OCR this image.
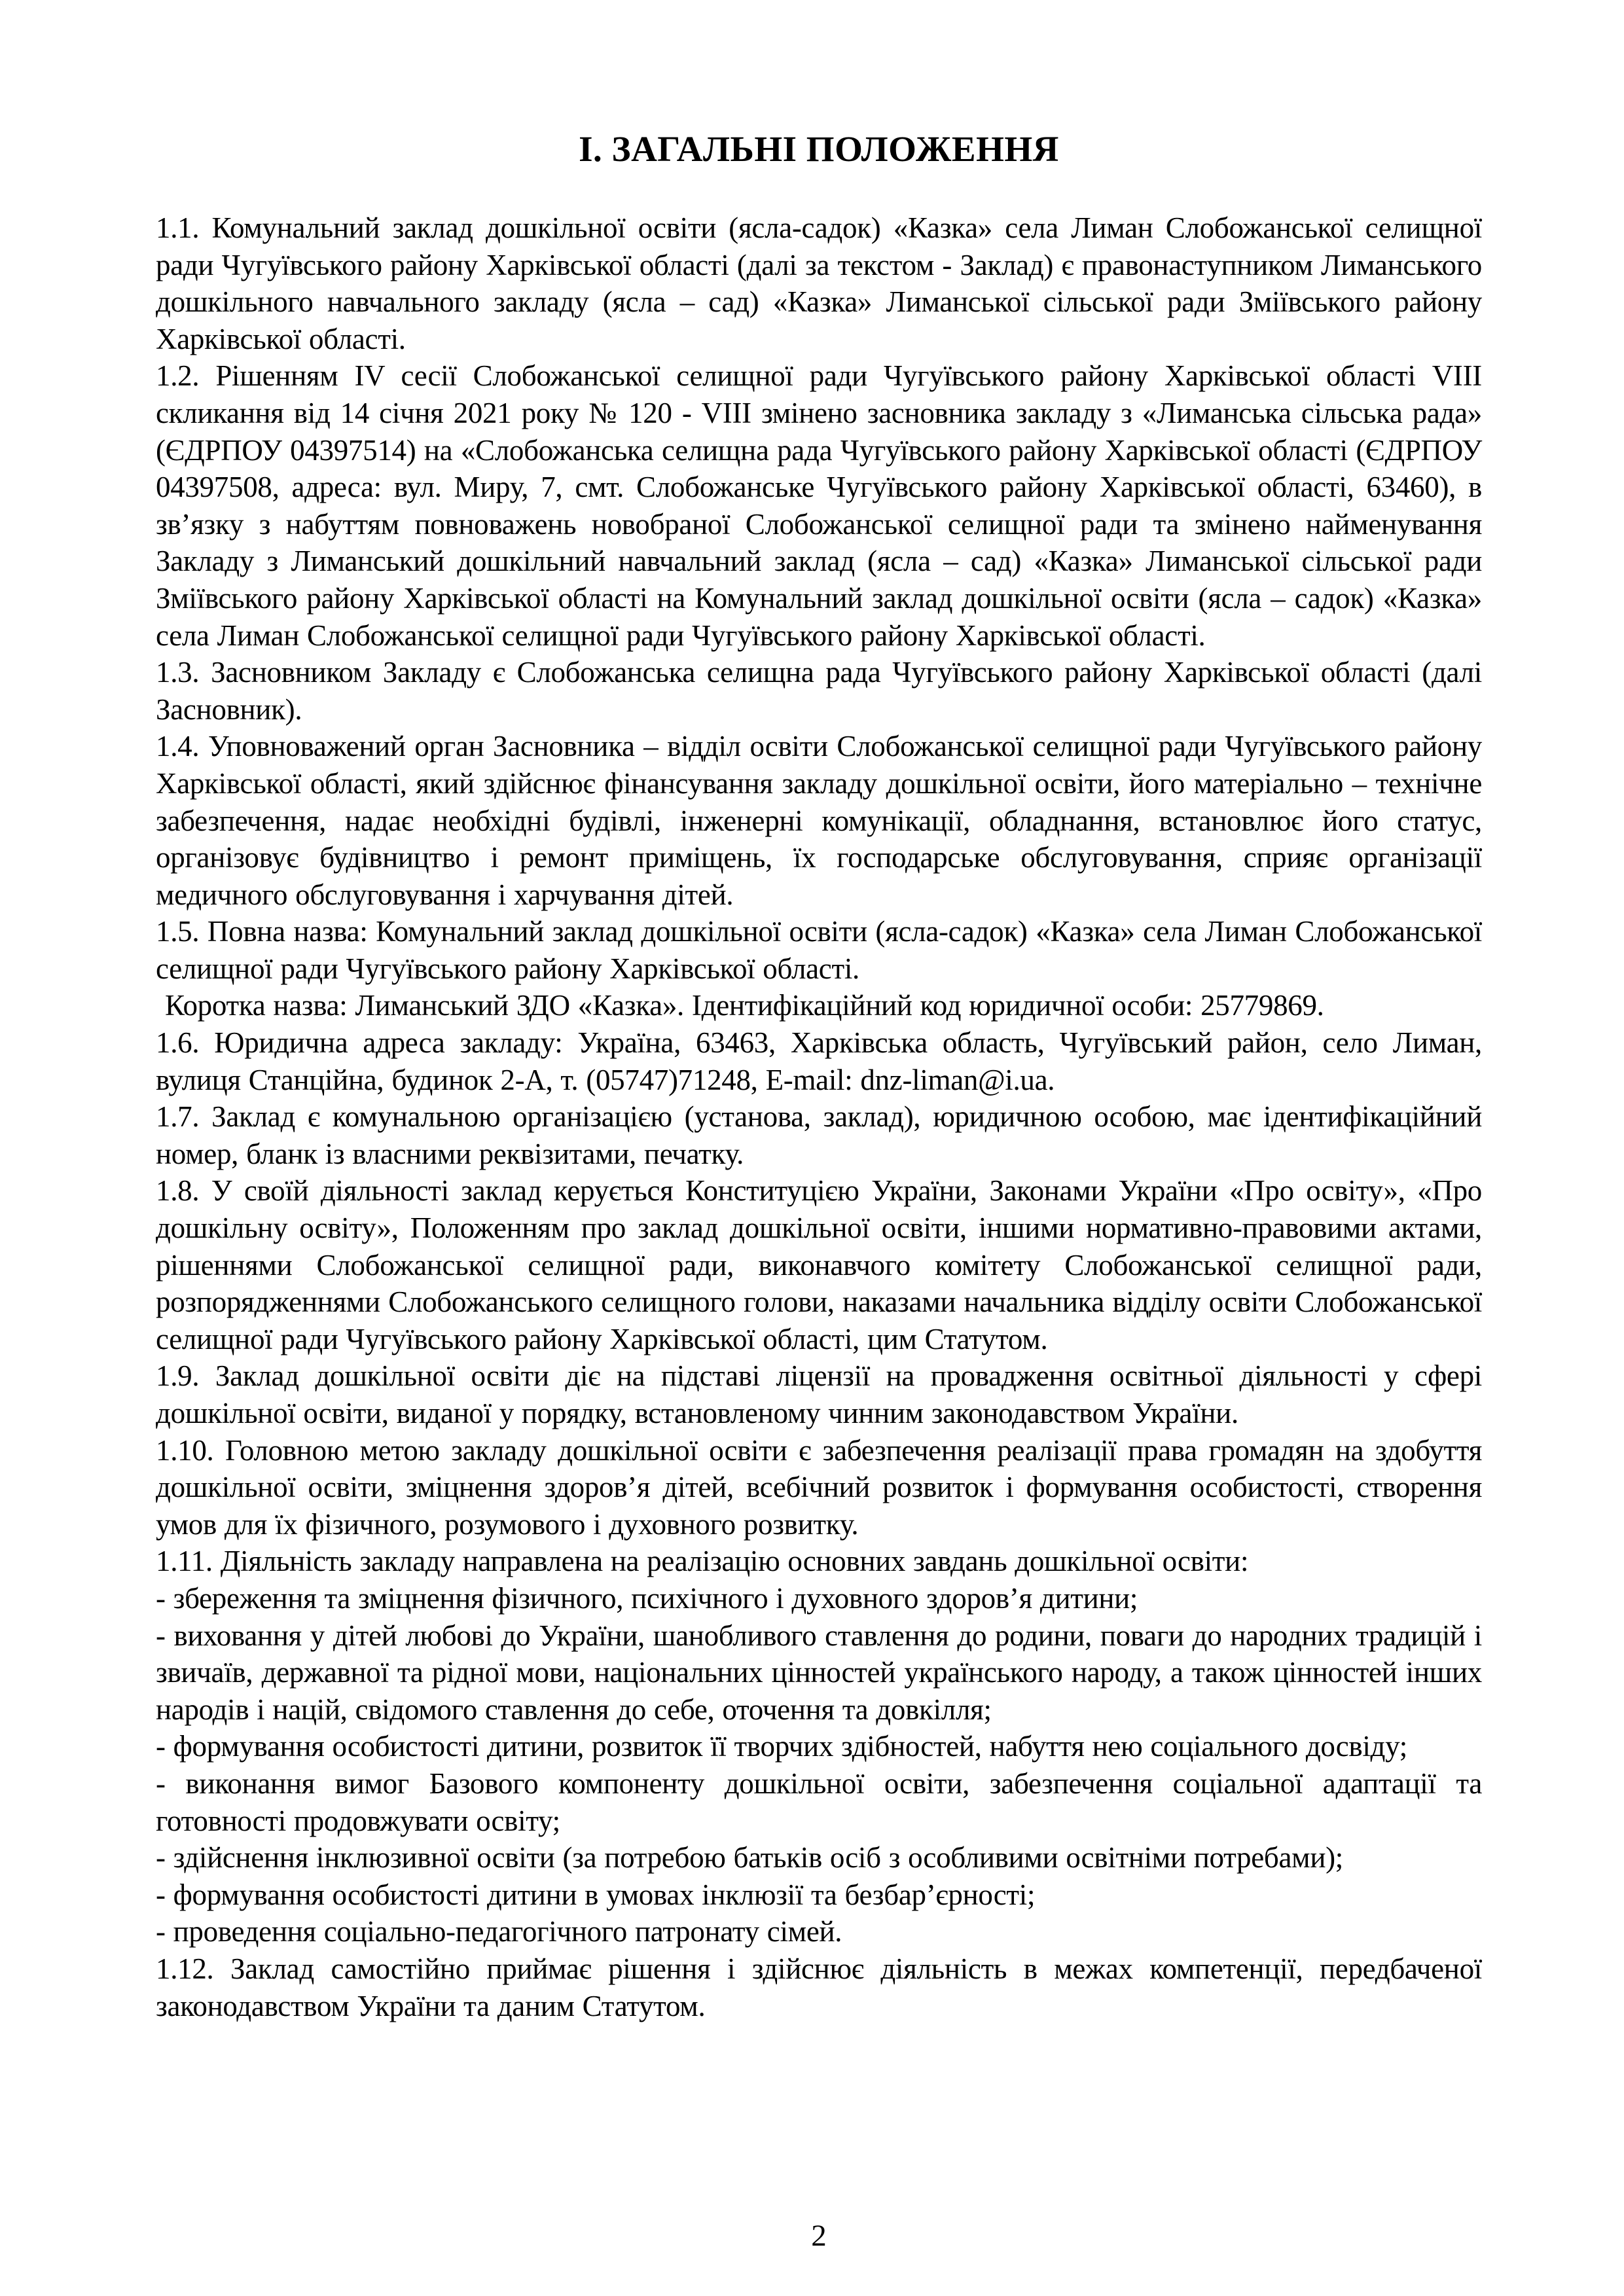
І. ЗАГАЛЬНІ ПОЛОЖЕННЯ

1.1. Комунальний заклад дошкільної освіти (ясла-садок) «Казка» села Лиман Слобожанської селищної ради Чугуївського району Харківської області (далі за текстом - Заклад) є правонаступником Лиманського дошкільного навчального закладу (ясла – сад) «Казка» Лиманської сільської ради Зміївського району Харківської області.

1.2. Рішенням IV сесії Слобожанської селищної ради Чугуївського району Харківської області VIII скликання від 14 січня 2021 року № 120 - VIII змінено засновника закладу з «Лиманська сільська рада» (ЄДРПОУ 04397514) на «Слобожанська селищна рада Чугуївського району Харківської області (ЄДРПОУ 04397508, адреса: вул. Миру, 7, смт. Слобожанське Чугуївського району Харківської області, 63460), в зв’язку з набуттям повноважень новобраної Слобожанської селищної ради та змінено найменування Закладу з Лиманський дошкільний навчальний заклад (ясла – сад) «Казка» Лиманської сільської ради Зміївського району Харківської області на Комунальний заклад дошкільної освіти (ясла – садок) «Казка» села Лиман Слобожанської селищної ради Чугуївського району Харківської області.

1.3. Засновником Закладу є Слобожанська селищна рада Чугуївського району Харківської області (далі Засновник).

1.4. Уповноважений орган Засновника – відділ освіти Слобожанської селищної ради Чугуївського району Харківської області, який здійснює фінансування закладу дошкільної освіти, його матеріально – технічне забезпечення, надає необхідні будівлі, інженерні комунікації, обладнання, встановлює його статус, організовує будівництво і ремонт приміщень, їх господарське обслуговування, сприяє організації медичного обслуговування і харчування дітей.

1.5. Повна назва: Комунальний заклад дошкільної освіти (ясла-садок) «Казка» села Лиман Слобожанської селищної ради Чугуївського району Харківської області.

Коротка назва: Лиманський ЗДО «Казка». Ідентифікаційний код юридичної особи: 25779869.

1.6. Юридична адреса закладу: Україна, 63463, Харківська область, Чугуївський район, село Лиман, вулиця Станційна, будинок 2-А, т. (05747)71248, E-mail: dnz-liman@i.ua.

1.7. Заклад є комунальною організацією (установа, заклад), юридичною особою, має ідентифікаційний номер, бланк із власними реквізитами, печатку.

1.8. У своїй діяльності заклад керується Конституцією України, Законами України «Про освіту», «Про дошкільну освіту», Положенням про заклад дошкільної освіти, іншими нормативно-правовими актами, рішеннями Слобожанської селищної ради, виконавчого комітету Слобожанської селищної ради, розпорядженнями Слобожанського селищного голови, наказами начальника відділу освіти Слобожанської селищної ради Чугуївського району Харківської області, цим Статутом.

1.9. Заклад дошкільної освіти діє на підставі ліцензії на провадження освітньої діяльності у сфері дошкільної освіти, виданої у порядку, встановленому чинним законодавством України.

1.10. Головною метою закладу дошкільної освіти є забезпечення реалізації права громадян на здобуття дошкільної освіти, зміцнення здоров’я дітей, всебічний розвиток і формування особистості, створення умов для їх фізичного, розумового і духовного розвитку.

1.11. Діяльність закладу направлена на реалізацію основних завдань дошкільної освіти:

- збереження та зміцнення фізичного, психічного і духовного здоров’я дитини;

- виховання у дітей любові до України, шанобливого ставлення до родини, поваги до народних традицій і звичаїв, державної та рідної мови, національних цінностей українського народу, а також цінностей інших народів і націй, свідомого ставлення до себе, оточення та довкілля;

- формування особистості дитини, розвиток її творчих здібностей, набуття нею соціального досвіду;

- виконання вимог Базового компоненту дошкільної освіти, забезпечення соціальної адаптації та готовності продовжувати освіту;

- здійснення інклюзивної освіти (за потребою батьків осіб з особливими освітніми потребами);

- формування особистості дитини в умовах інклюзії та безбар’єрності;

- проведення соціально-педагогічного патронату сімей.

1.12. Заклад самостійно приймає рішення і здійснює діяльність в межах компетенції, передбаченої законодавством України та даним Статутом.

2
